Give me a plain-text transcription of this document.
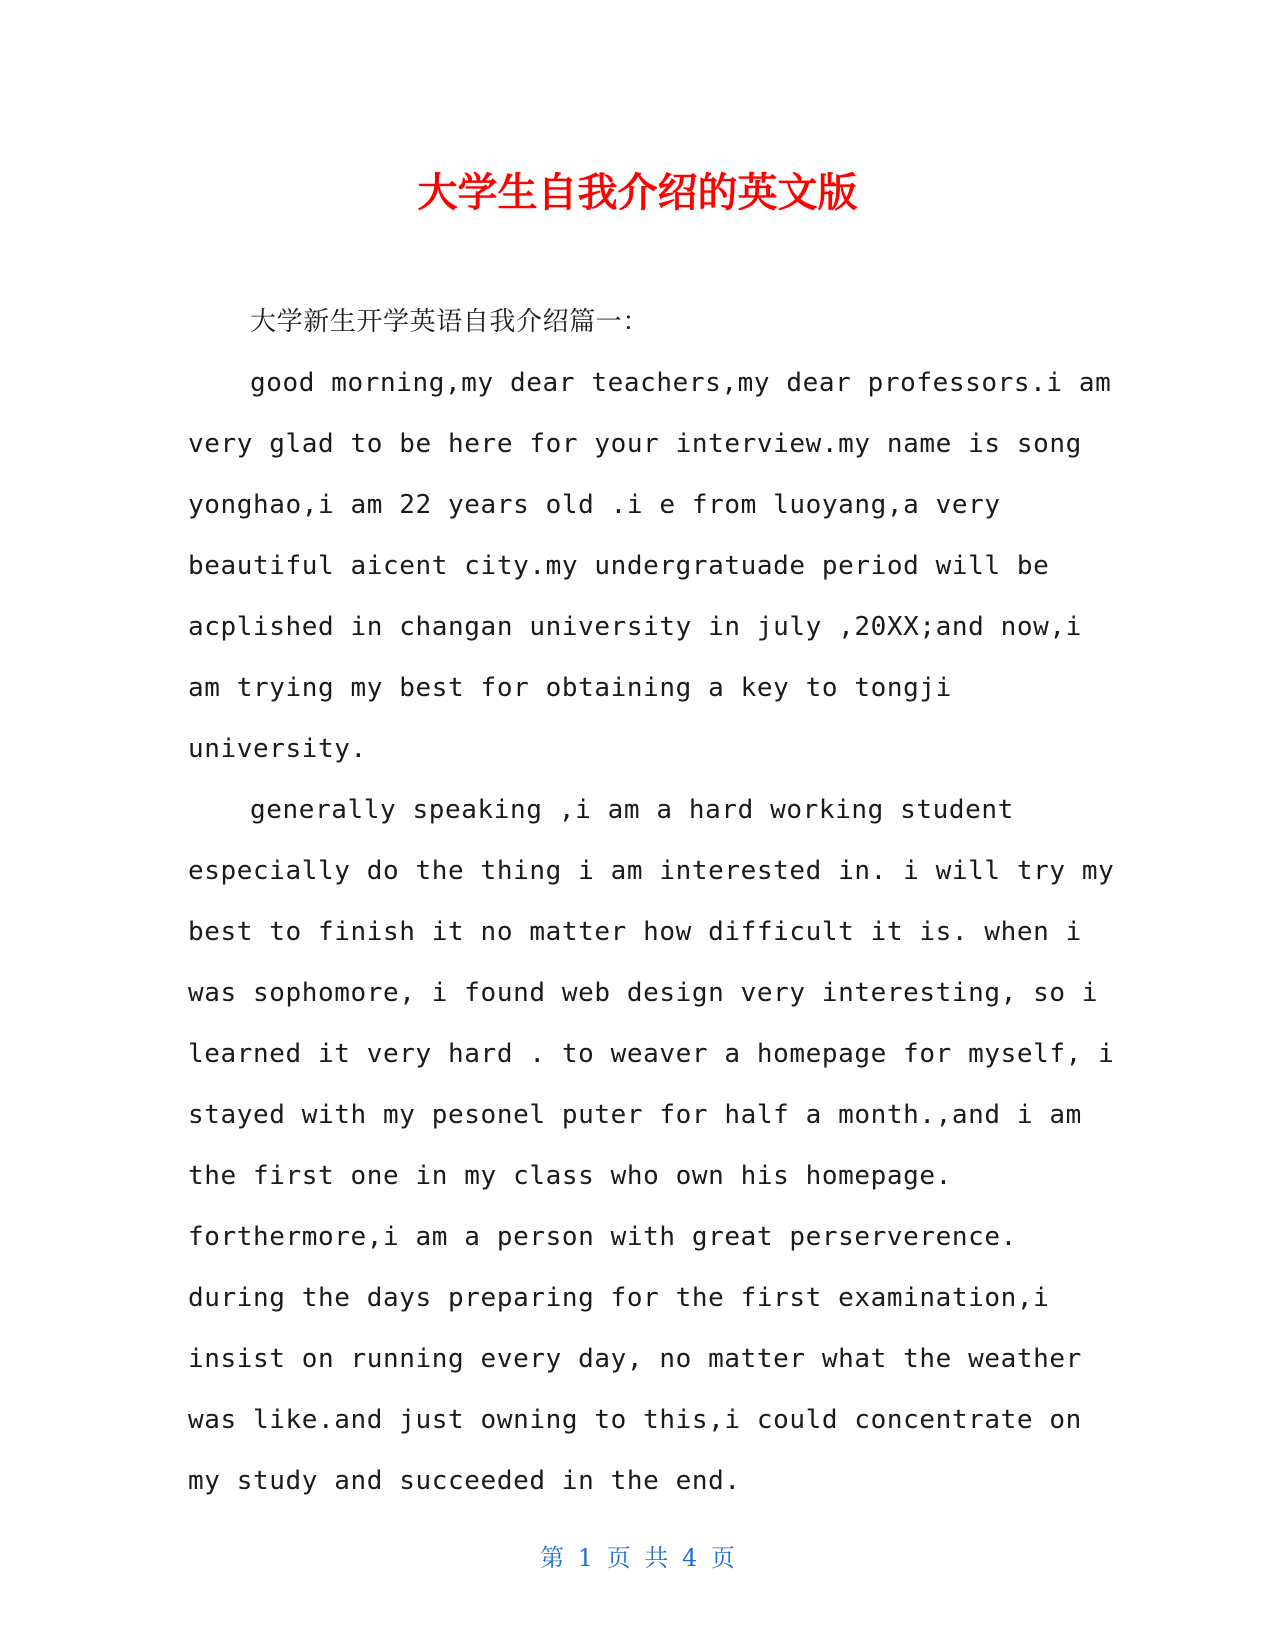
大学生自我介绍的英文版
大学新生开学英语自我介绍篇一：
good morning,my dear teachers,my dear professors.i am
very glad to be here for your interview.my name is song
yonghao,i am 22 years old .i e from luoyang,a very
beautiful aicent city.my undergratuade period will be
acplished in changan university in july ,20XX;and now,i
am trying my best for obtaining a key to tongji
university.
generally speaking ,i am a hard working student
especially do the thing i am interested in. i will try my
best to finish it no matter how difficult it is. when i
was sophomore, i found web design very interesting, so i
learned it very hard . to weaver a homepage for myself, i
stayed with my pesonel puter for half a month.,and i am
the first one in my class who own his homepage.
forthermore,i am a person with great perserverence.
during the days preparing for the first examination,i
insist on running every day, no matter what the weather
was like.and just owning to this,i could concentrate on
my study and succeeded in the end.
第 1 页 共 4 页
